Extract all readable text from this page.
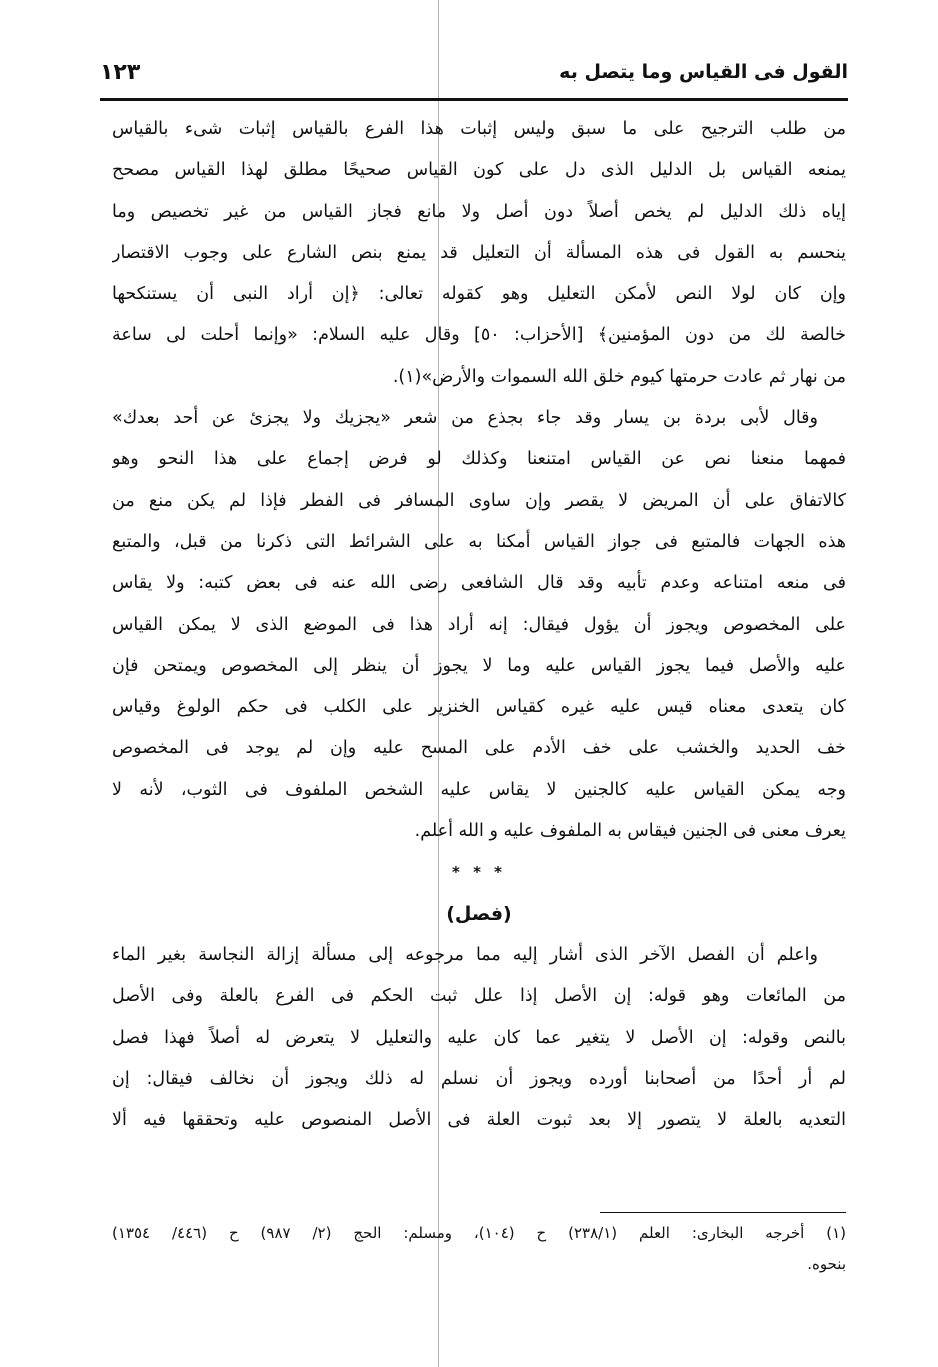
القول فى القياس وما يتصل به
١٢٣
من طلب الترجيح على ما سبق وليس إثبات هذا الفرع بالقياس إثبات شىء بالقياس
يمنعه القياس بل الدليل الذى دل على كون القياس صحيحًا مطلق لهذا القياس مصحح
إياه ذلك الدليل لم يخص أصلاً دون أصل ولا مانع فجاز القياس من غير تخصيص وما
ينحسم به القول فى هذه المسألة أن التعليل قد يمنع بنص الشارع على وجوب الاقتصار
وإن كان لولا النص لأمكن التعليل وهو كقوله تعالى: ﴿إن أراد النبى أن يستنكحها
خالصة لك من دون المؤمنين﴾ [الأحزاب: ٥٠] وقال عليه السلام: «وإنما أحلت لى ساعة
من نهار ثم عادت حرمتها كيوم خلق الله السموات والأرض»(١).
وقال لأبى بردة بن يسار وقد جاء بجذع من شعر «يجزيك ولا يجزئ عن أحد بعدك»
فمهما منعنا نص عن القياس امتنعنا وكذلك لو فرض إجماع على هذا النحو وهو
كالاتفاق على أن المريض لا يقصر وإن ساوى المسافر فى الفطر فإذا لم يكن منع من
هذه الجهات فالمتبع فى جواز القياس أمكنا به على الشرائط التى ذكرنا من قبل، والمتبع
فى منعه امتناعه وعدم تأبيه وقد قال الشافعى رضى الله عنه فى بعض كتبه: ولا يقاس
على المخصوص ويجوز أن يؤول فيقال: إنه أراد هذا فى الموضع الذى لا يمكن القياس
عليه والأصل فيما يجوز القياس عليه وما لا يجوز أن ينظر إلى المخصوص ويمتحن فإن
كان يتعدى معناه قيس عليه غيره كقياس الخنزير على الكلب فى حكم الولوغ وقياس
خف الحديد والخشب على خف الأدم على المسح عليه وإن لم يوجد فى المخصوص
وجه يمكن القياس عليه كالجنين لا يقاس عليه الشخص الملفوف فى الثوب، لأنه لا
يعرف معنى فى الجنين فيقاس به الملفوف عليه و الله أعلم.
* * *
(فصل)
واعلم أن الفصل الآخر الذى أشار إليه مما مرجوعه إلى مسألة إزالة النجاسة بغير الماء
من المائعات وهو قوله: إن الأصل إذا علل ثبت الحكم فى الفرع بالعلة وفى الأصل
بالنص وقوله: إن الأصل لا يتغير عما كان عليه والتعليل لا يتعرض له أصلاً فهذا فصل
لم أر أحدًا من أصحابنا أورده ويجوز أن نسلم له ذلك ويجوز أن نخالف فيقال: إن
التعديه بالعلة لا يتصور إلا بعد ثبوت العلة فى الأصل المنصوص عليه وتحققها فيه ألا
(١) أخرجه البخارى: العلم (٢٣٨/١) ح (١٠٤)، ومسلم: الحج (٢/ ٩٨٧) ح (٤٤٦/ ١٣٥٤)
بنحوه.
